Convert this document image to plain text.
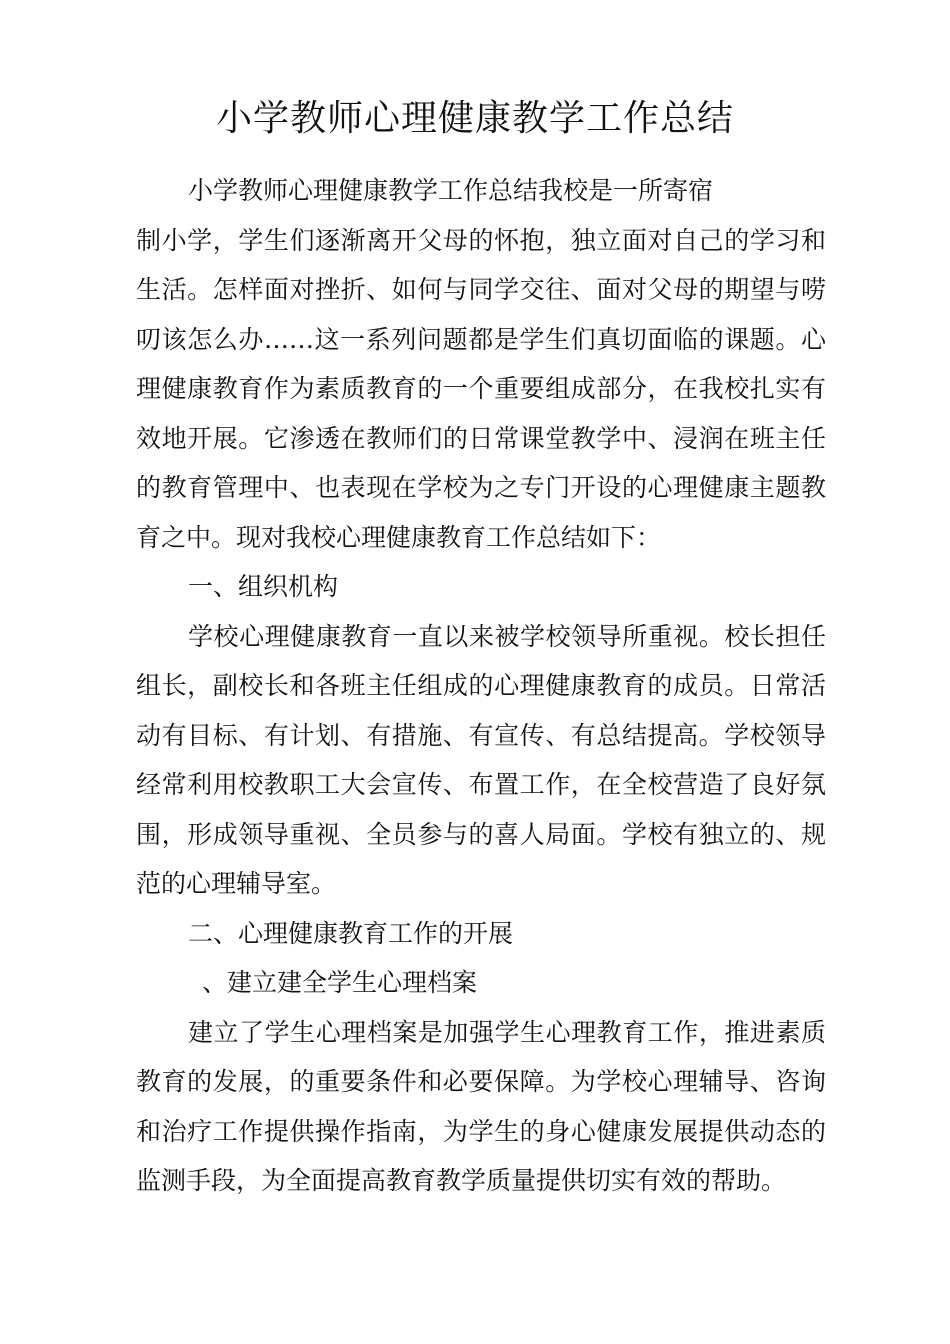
小学教师心理健康教学工作总结

小学教师心理健康教学工作总结我校是一所寄宿

制小学，学生们逐渐离开父母的怀抱，独立面对自己的学习和生活。怎样面对挫折、如何与同学交往、面对父母的期望与唠叨该怎么办……这一系列问题都是学生们真切面临的课题。心理健康教育作为素质教育的一个重要组成部分，在我校扎实有效地开展。它渗透在教师们的日常课堂教学中、浸润在班主任的教育管理中、也表现在学校为之专门开设的心理健康主题教育之中。现对我校心理健康教育工作总结如下：

一、组织机构

学校心理健康教育一直以来被学校领导所重视。校长担任组长，副校长和各班主任组成的心理健康教育的成员。日常活动有目标、有计划、有措施、有宣传、有总结提高。学校领导经常利用校教职工大会宣传、布置工作，在全校营造了良好氛围，形成领导重视、全员参与的喜人局面。学校有独立的、规范的心理辅导室。

二、心理健康教育工作的开展

、建立建全学生心理档案

建立了学生心理档案是加强学生心理教育工作，推进素质教育的发展，的重要条件和必要保障。为学校心理辅导、咨询和治疗工作提供操作指南，为学生的身心健康发展提供动态的监测手段，为全面提高教育教学质量提供切实有效的帮助。
